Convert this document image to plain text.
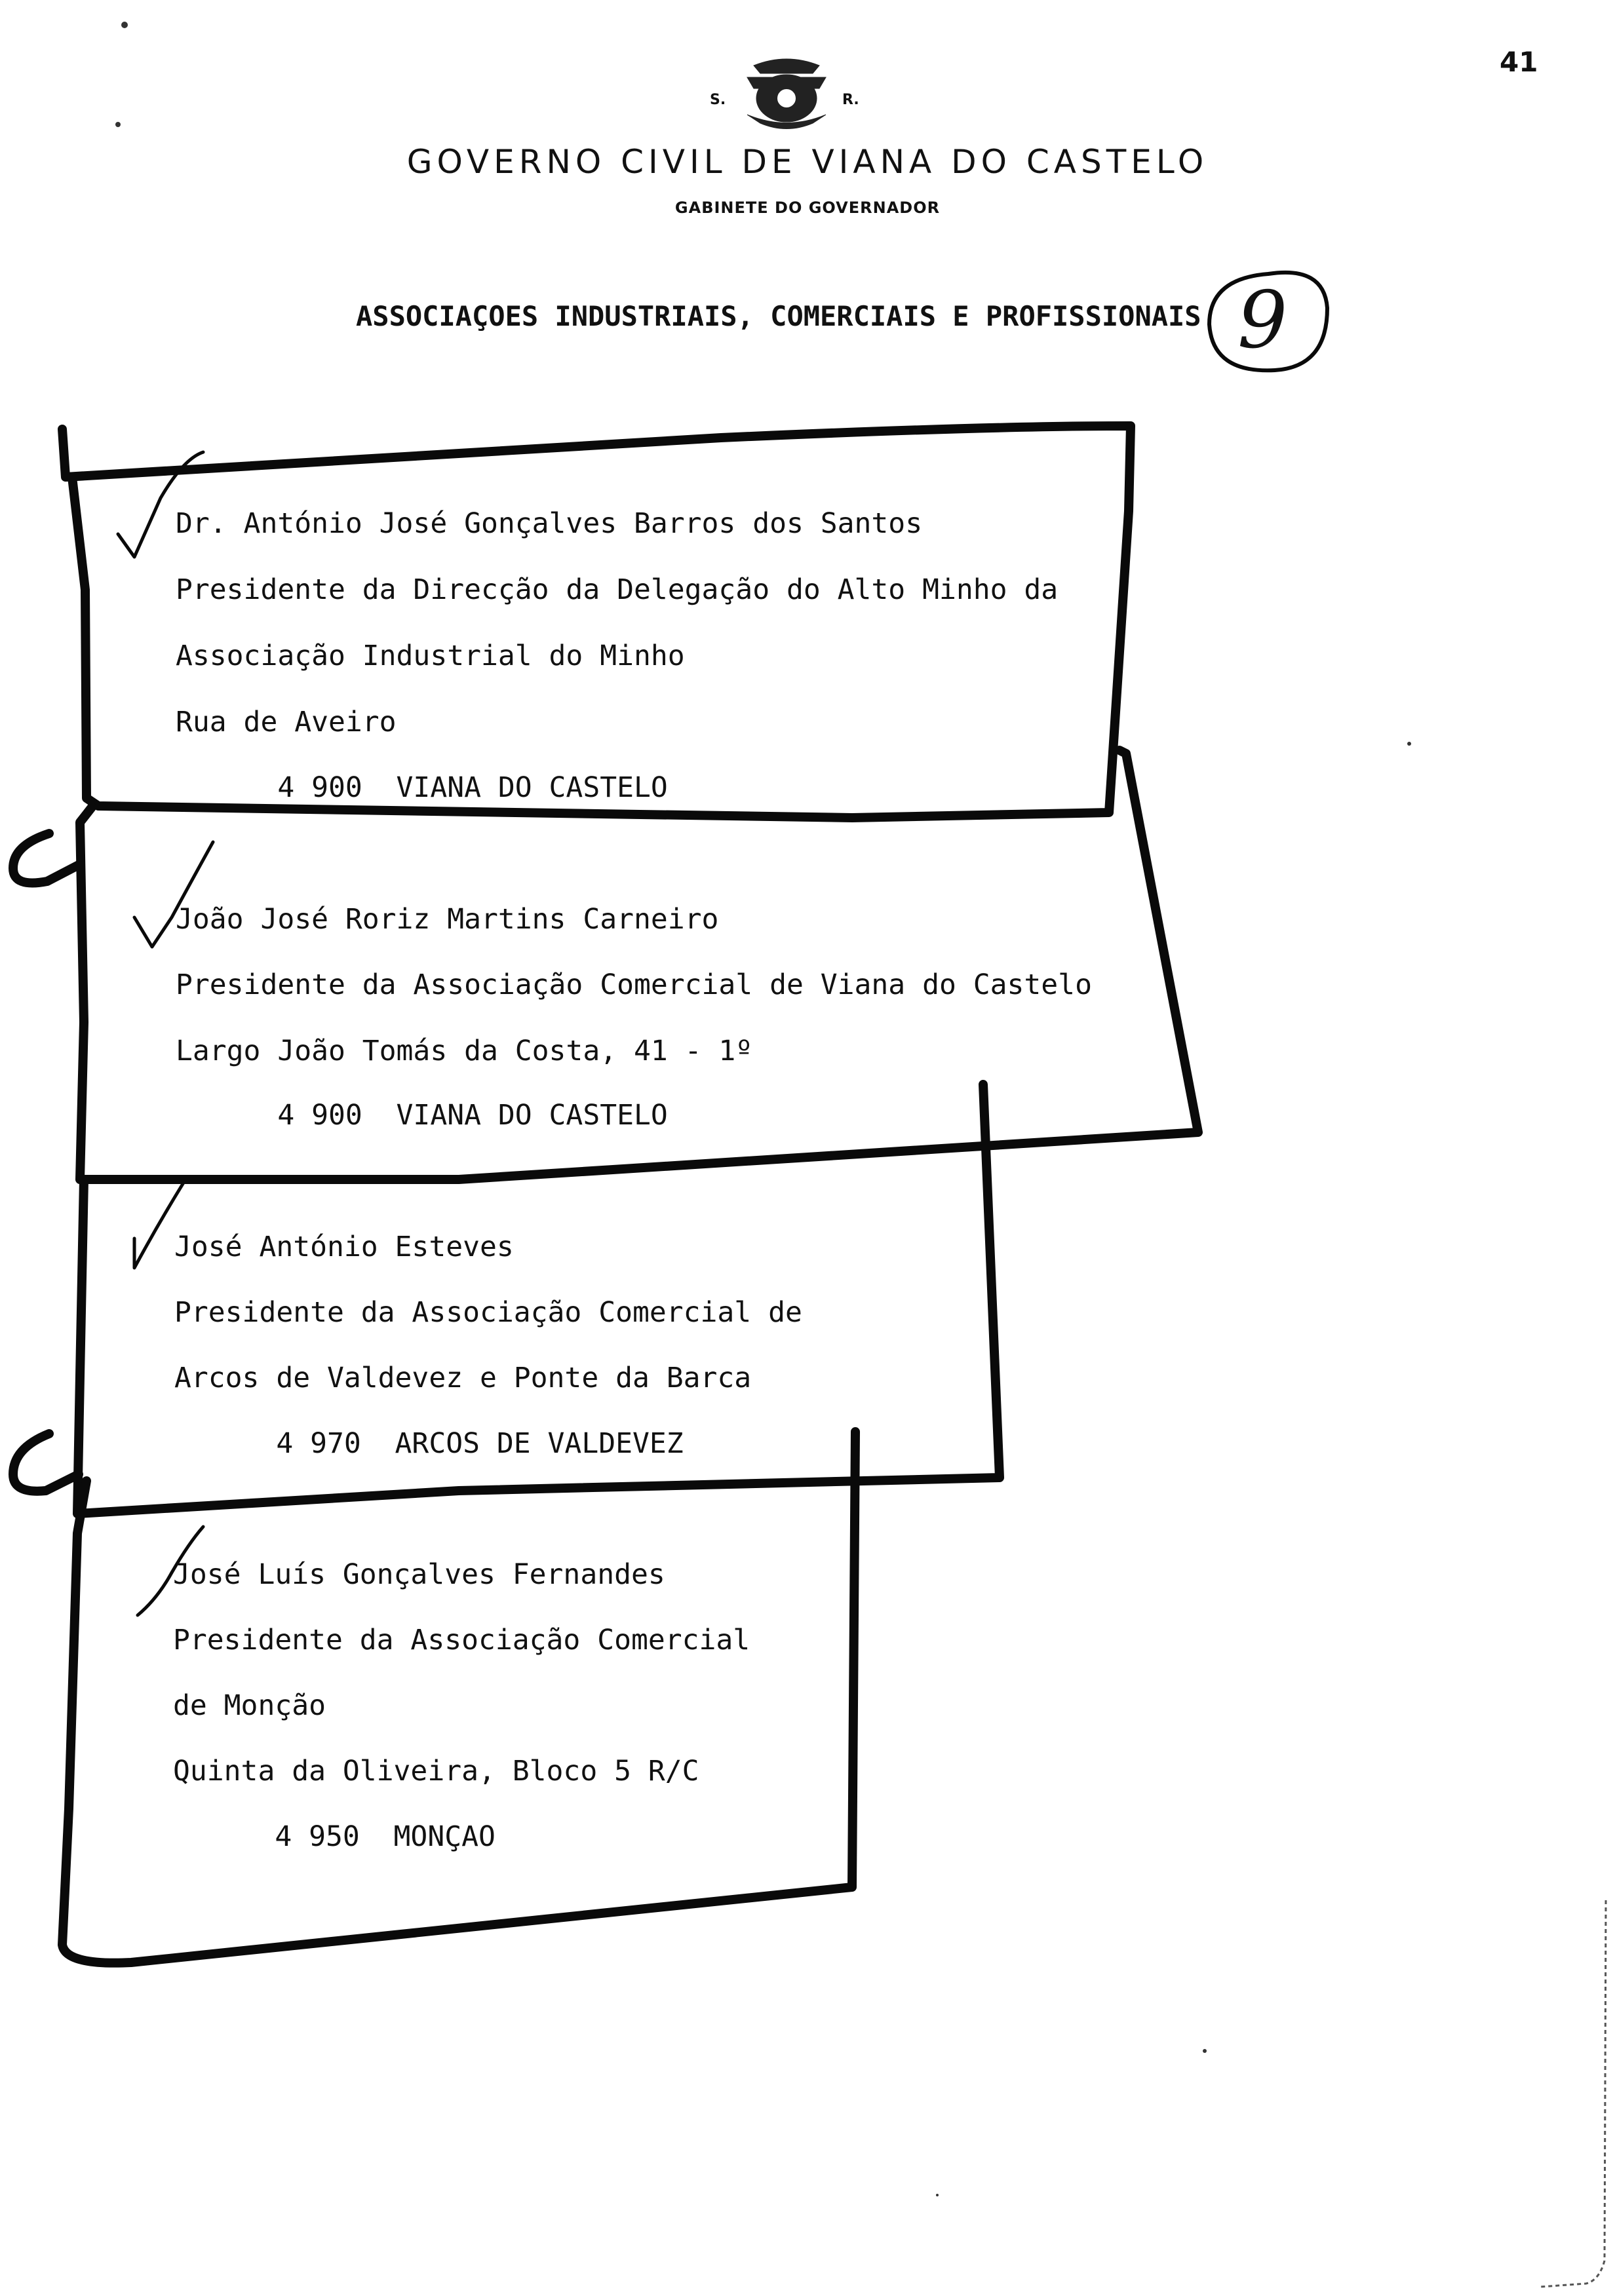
41
S.	R.
GOVERNO CIVIL DE VIANA DO CASTELO
GABINETE DO GOVERNADOR
ASSOCIAÇOES INDUSTRIAIS, COMERCIAIS E PROFISSIONAIS 9
Dr. António José Gonçalves Barros dos Santos
Presidente da Direcção da Delegação do Alto Minho da
Associação Industrial do Minho
Rua de Aveiro
4 900  VIANA DO CASTELO
João José Roriz Martins Carneiro
Presidente da Associação Comercial de Viana do Castelo
Largo João Tomás da Costa, 41 - 1º
4 900  VIANA DO CASTELO
José António Esteves
Presidente da Associação Comercial de
Arcos de Valdevez e Ponte da Barca
4 970  ARCOS DE VALDEVEZ
José Luís Gonçalves Fernandes
Presidente da Associação Comercial
de Monção
Quinta da Oliveira, Bloco 5 R/C
4 950  MONÇAO
